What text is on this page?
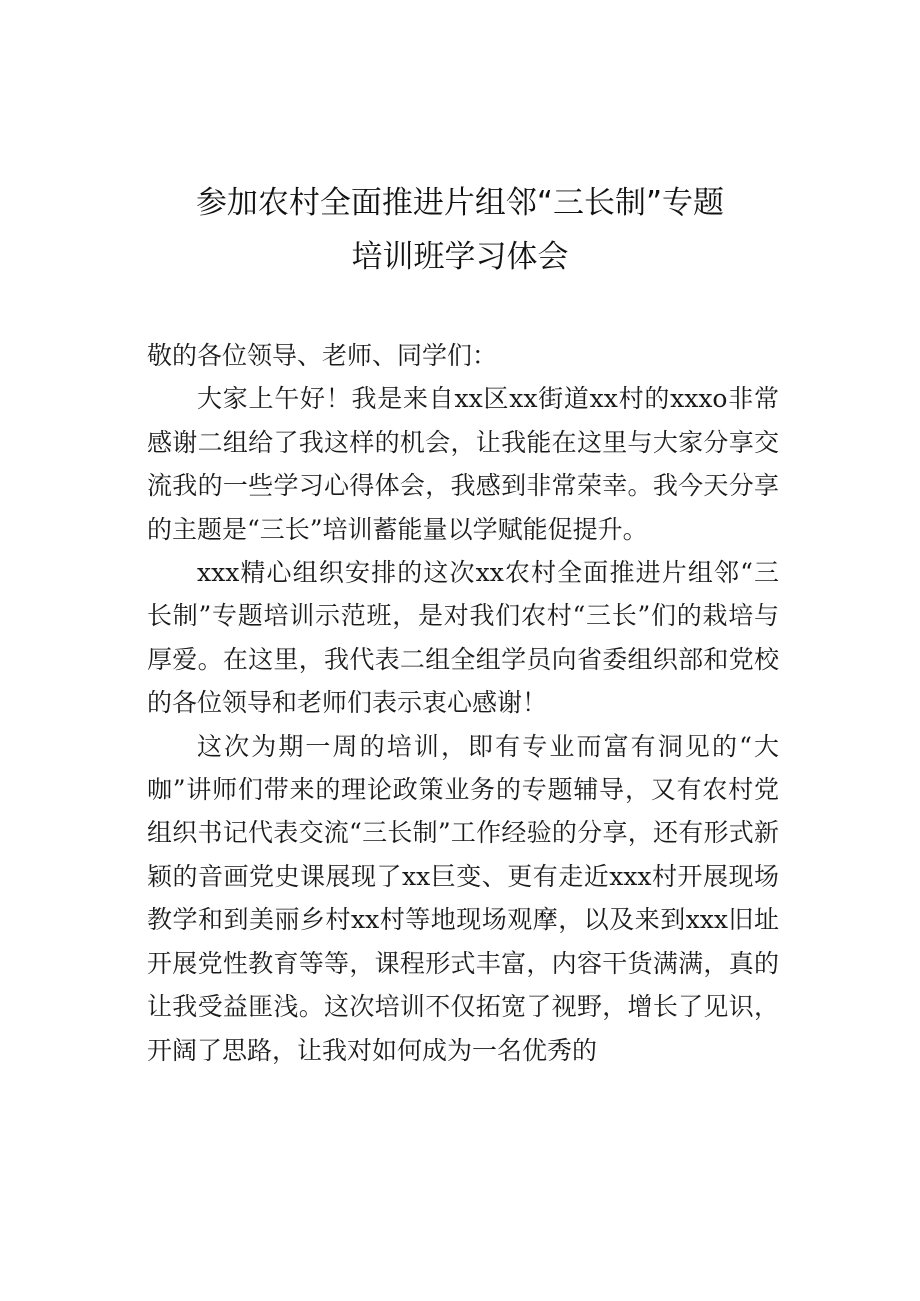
参加农村全面推进片组邻“三长制”专题
培训班学习体会

敬的各位领导、老师、同学们：

大家上午好！我是来自xx区xx街道xx村的xxxo非常感谢二组给了我这样的机会，让我能在这里与大家分享交流我的一些学习心得体会，我感到非常荣幸。我今天分享的主题是“三长”培训蓄能量以学赋能促提升。

xxx精心组织安排的这次xx农村全面推进片组邻“三长制”专题培训示范班，是对我们农村“三长”们的栽培与厚爱。在这里，我代表二组全组学员向省委组织部和党校的各位领导和老师们表示衷心感谢！

这次为期一周的培训，即有专业而富有洞见的“大咖”讲师们带来的理论政策业务的专题辅导，又有农村党组织书记代表交流“三长制”工作经验的分享，还有形式新颖的音画党史课展现了xx巨变、更有走近xxx村开展现场教学和到美丽乡村xx村等地现场观摩，以及来到xxx旧址开展党性教育等等，课程形式丰富，内容干货满满，真的让我受益匪浅。这次培训不仅拓宽了视野，增长了见识，开阔了思路，让我对如何成为一名优秀的
